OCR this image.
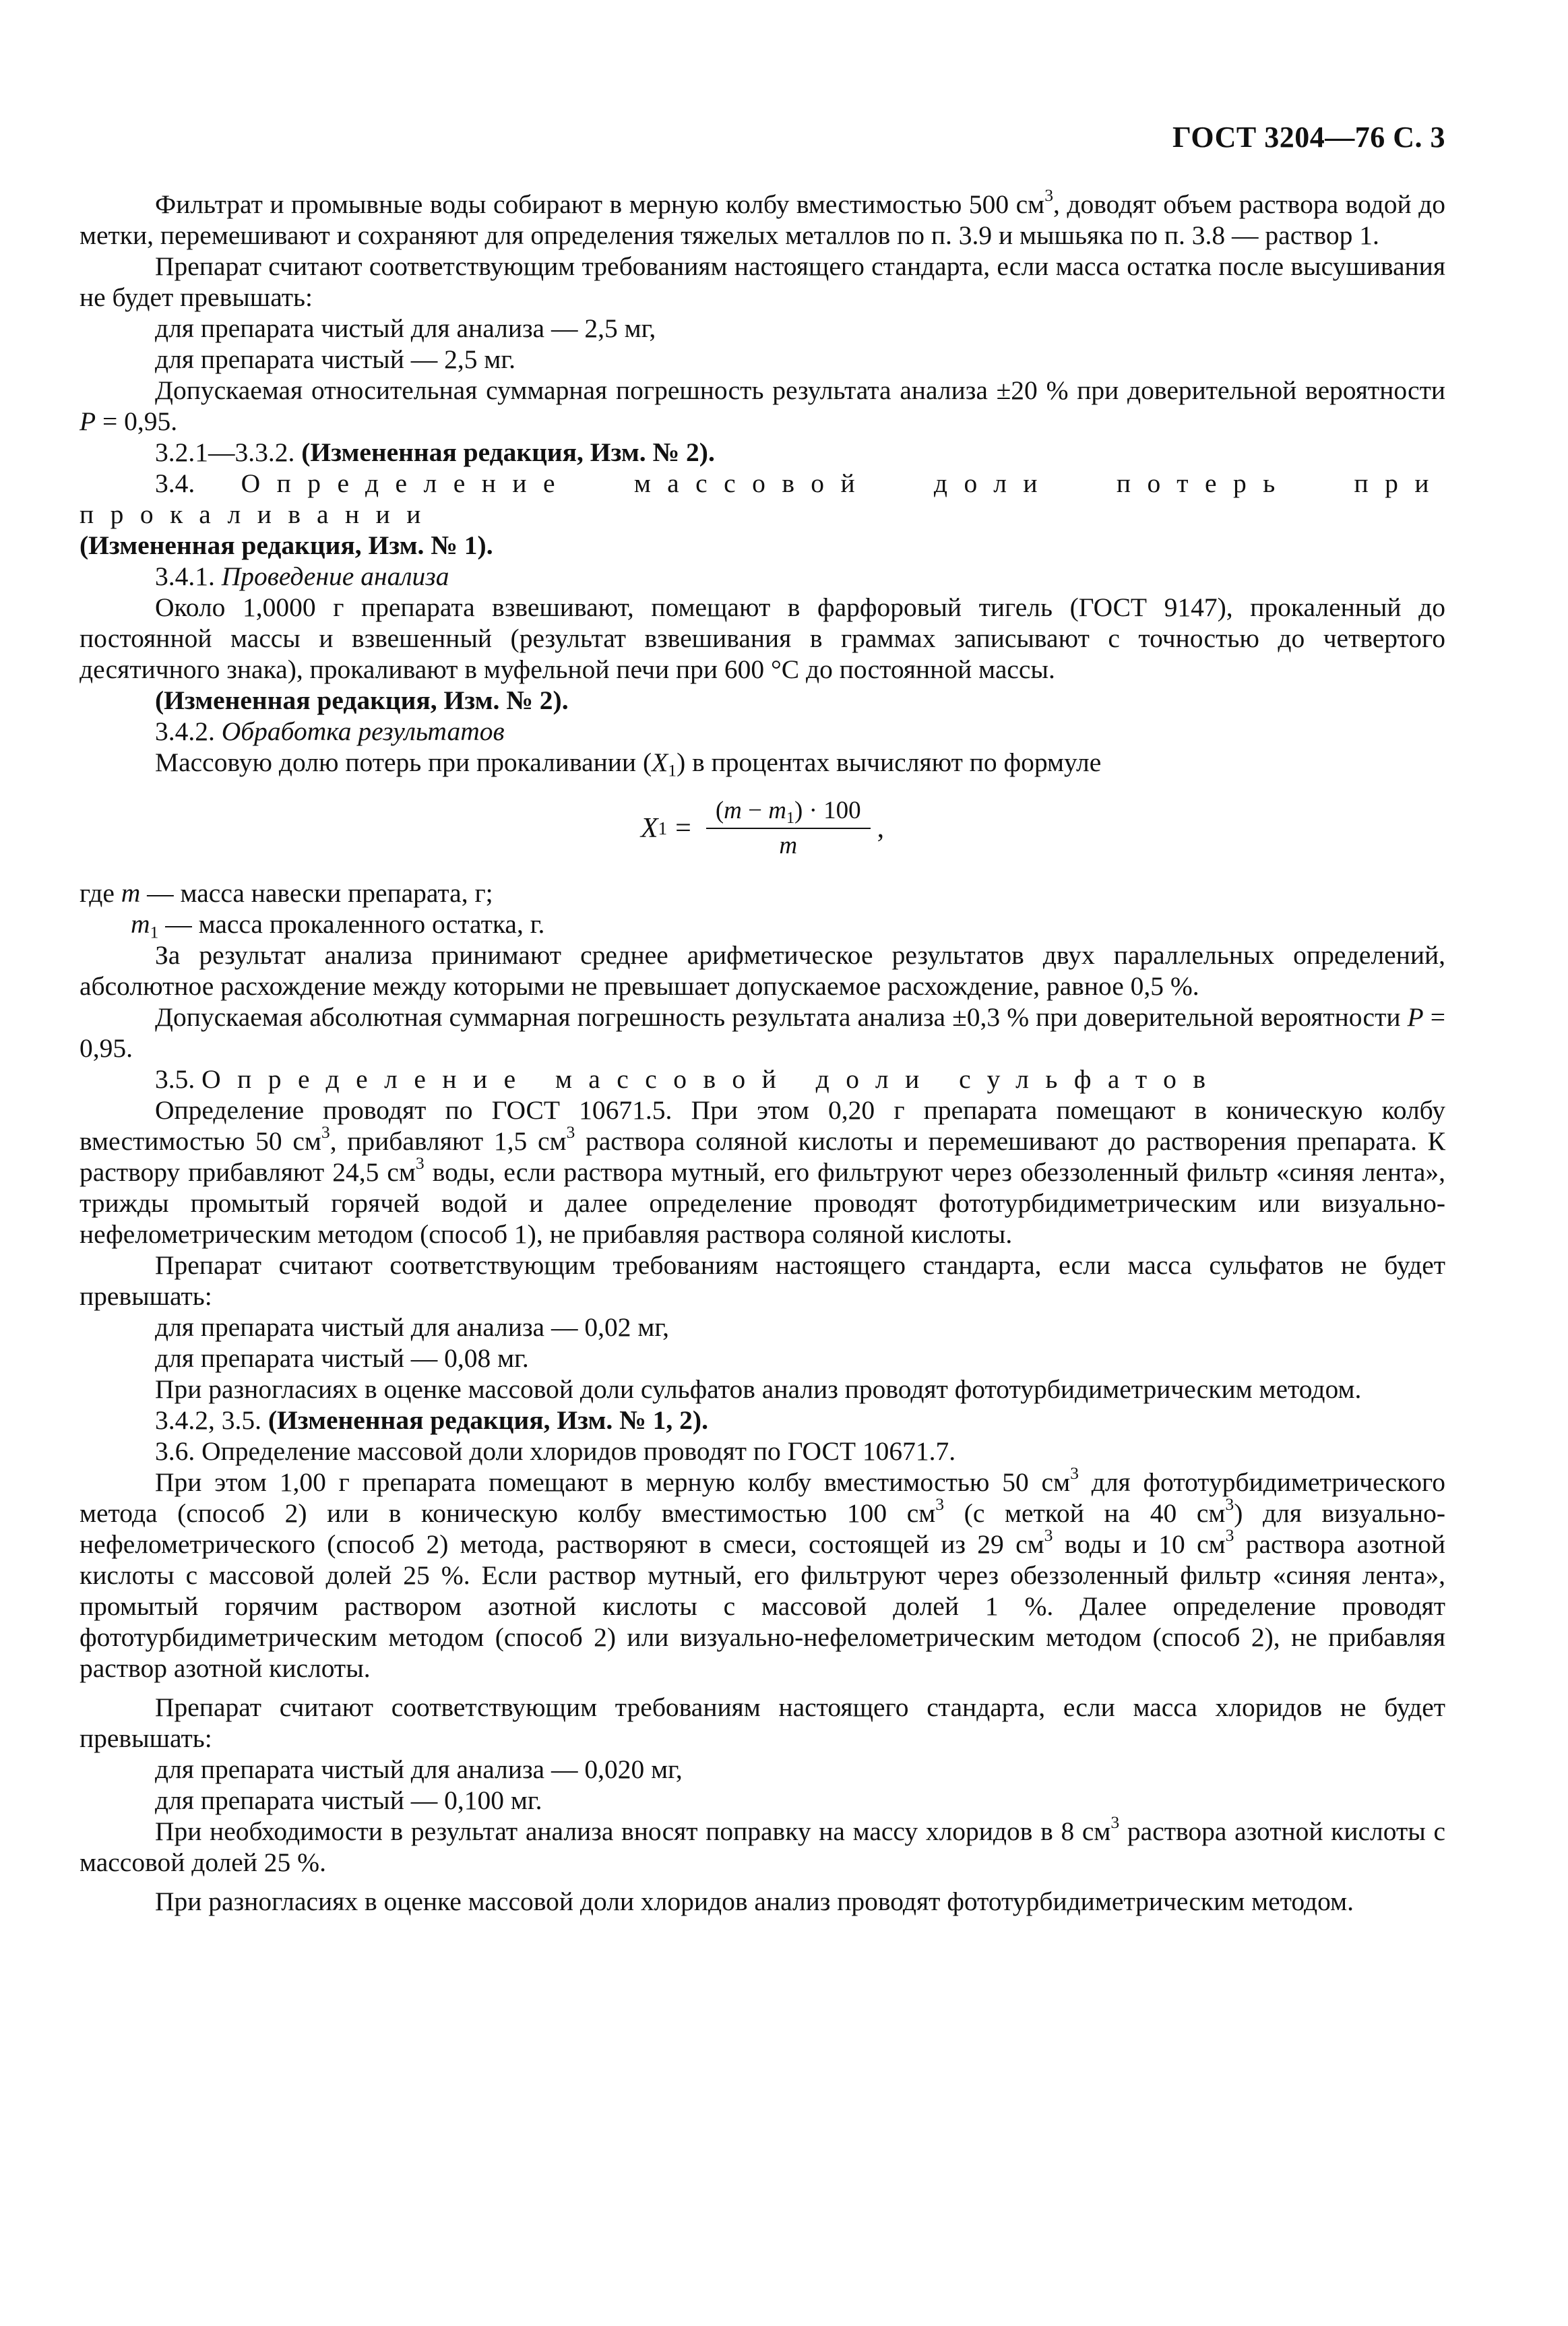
ГОСТ 3204—76 С. 3

Фильтрат и промывные воды собирают в мерную колбу вместимостью 500 $см^3$, доводят объем раствора водой до метки, перемешивают и сохраняют для определения тяжелых металлов по п. 3.9 и мышьяка по п. 3.8 — раствор 1.

Препарат считают соответствующим требованиям настоящего стандарта, если масса остатка после высушивания не будет превышать:

для препарата чистый для анализа — 2,5 мг,

для препарата чистый — 2,5 мг.

Допускаемая относительная суммарная погрешность результата анализа ±20 % при доверительной вероятности P = 0,95.

3.2.1—3.3.2. (Измененная редакция, Изм. № 2).

3.4. Определение массовой доли потерь при прокаливании

(Измененная редакция, Изм. № 1).

3.4.1. Проведение анализа

Около 1,0000 г препарата взвешивают, помещают в фарфоровый тигель (ГОСТ 9147), прокаленный до постоянной массы и взвешенный (результат взвешивания в граммах записывают с точностью до четвертого десятичного знака), прокаливают в муфельной печи при 600 °С до постоянной массы.

(Измененная редакция, Изм. № 2).

3.4.2. Обработка результатов

Массовую долю потерь при прокаливании $(X_1)$ в процентах вычисляют по формуле

X $1 = \frac{(m - m_1) \cdot 100}{m}$ ,

где m — масса навески препарата, г;

$m_1$ — масса прокаленного остатка, г.

За результат анализа принимают среднее арифметическое результатов двух параллельных определений, абсолютное расхождение между которыми не превышает допускаемое расхождение, равное 0,5 %.

Допускаемая абсолютная суммарная погрешность результата анализа ±0,3 % при доверительной вероятности P = 0,95.

3.5. Определение массовой доли сульфатов

Определение проводят по ГОСТ 10671.5. При этом 0,20 г препарата помещают в коническую колбу вместимостью 50 $см^3$, прибавляют 1,5 $см^3$ раствора соляной кислоты и перемешивают до растворения препарата. К раствору прибавляют 24,5 $см^3$ воды, если раствора мутный, его фильтруют через обеззоленный фильтр «синяя лента», трижды промытый горячей водой и далее определение проводят фототурбидиметрическим или визуально-нефелометрическим методом (способ 1), не прибавляя раствора соляной кислоты.

Препарат считают соответствующим требованиям настоящего стандарта, если масса сульфатов не будет превышать:

для препарата чистый для анализа — 0,02 мг,

для препарата чистый — 0,08 мг.

При разногласиях в оценке массовой доли сульфатов анализ проводят фототурбидиметрическим методом.

3.4.2, 3.5. (Измененная редакция, Изм. № 1, 2).

3.6. Определение массовой доли хлоридов проводят по ГОСТ 10671.7.

При этом 1,00 г препарата помещают в мерную колбу вместимостью 50 $см^3$ для фототурбидиметрического метода (способ 2) или в коническую колбу вместимостью 100 $см^3$ (с меткой на 40 $см^3$) для визуально-нефелометрического (способ 2) метода, растворяют в смеси, состоящей из 29 $см^3$ воды и 10 $см^3$ раствора азотной кислоты с массовой долей 25 %. Если раствор мутный, его фильтруют через обеззоленный фильтр «синяя лента», промытый горячим раствором азотной кислоты с массовой долей 1 %. Далее определение проводят фототурбидиметрическим методом (способ 2) или визуально-нефелометрическим методом (способ 2), не прибавляя раствор азотной кислоты.

Препарат считают соответствующим требованиям настоящего стандарта, если масса хлоридов не будет превышать:

для препарата чистый для анализа — 0,020 мг,

для препарата чистый — 0,100 мг.

При необходимости в результат анализа вносят поправку на массу хлоридов в 8 $см^3$ раствора азотной кислоты с массовой долей 25 %.

При разногласиях в оценке массовой доли хлоридов анализ проводят фототурбидиметрическим методом.
